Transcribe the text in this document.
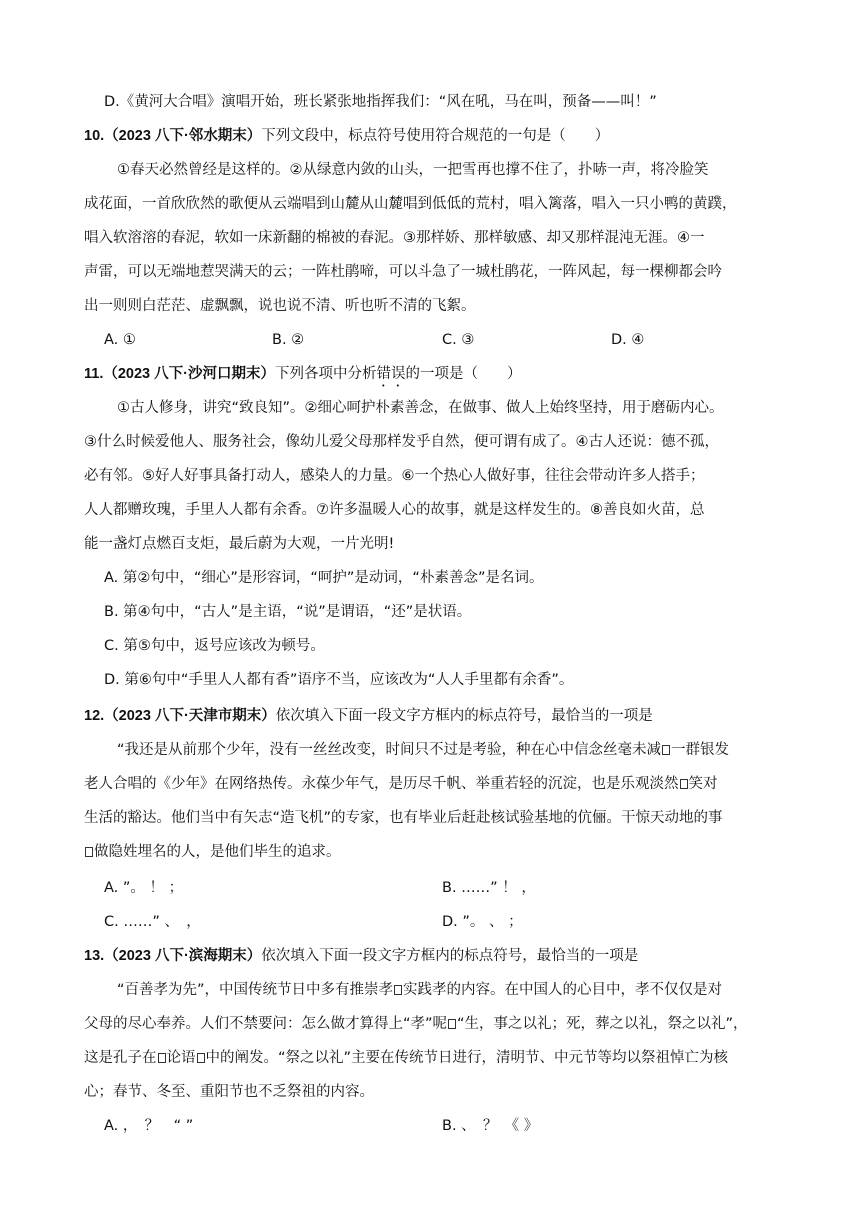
D.《黄河大合唱》演唱开始，班长紧张地指挥我们：“风在吼，马在叫，预备——叫！”
10.（2023 八下·邻水期末）下列文段中，标点符号使用符合规范的一句是（　　）
①春天必然曾经是这样的。②从绿意内敛的山头，一把雪再也撑不住了，扑哧一声，将冷脸笑
成花面，一首欣欣然的歌便从云端唱到山麓从山麓唱到低低的荒村，唱入篱落，唱入一只小鸭的黄蹼，
唱入软溶溶的春泥，软如一床新翻的棉被的春泥。③那样娇、那样敏感、却又那样混沌无涯。④一
声雷，可以无端地惹哭满天的云；一阵杜鹃啼，可以斗急了一城杜鹃花，一阵风起，每一棵柳都会吟
出一则则白茫茫、虚飘飘，说也说不清、听也听不清的飞絮。
A. ①	B. ②	C. ③	D. ④
11.（2023 八下·沙河口期末）下列各项中分析错误的一项是（　　）
①古人修身，讲究“致良知”。②细心呵护朴素善念，在做事、做人上始终坚持，用于磨砺内心。
③什么时候爱他人、服务社会，像幼儿爱父母那样发乎自然，便可谓有成了。④古人还说：德不孤，
必有邻。⑤好人好事具备打动人，感染人的力量。⑥一个热心人做好事，往往会带动许多人搭手；
人人都赠玫瑰，手里人人都有余香。⑦许多温暖人心的故事，就是这样发生的。⑧善良如火苗，总
能一盏灯点燃百支炬，最后蔚为大观，一片光明!
A. 第②句中，“细心”是形容词，“呵护”是动词，“朴素善念”是名词。
B. 第④句中，“古人”是主语，“说”是谓语，“还”是状语。
C. 第⑤句中，返号应该改为顿号。
D. 第⑥句中“手里人人都有香”语序不当，应该改为“人人手里都有余香”。
12.（2023 八下·天津市期末）依次填入下面一段文字方框内的标点符号，最恰当的一项是
“我还是从前那个少年，没有一丝丝改变，时间只不过是考验，种在心中信念丝毫未减 一群银发
老人合唱的《少年》在网络热传。永葆少年气，是历尽千帆、举重若轻的沉淀，也是乐观淡然 笑对
生活的豁达。他们当中有矢志“造飞机”的专家，也有毕业后赶赴核试验基地的伉俪。干惊天动地的事
做隐姓埋名的人，是他们毕生的追求。
A. ”。 ！ ；	B. ……” ！ ，
C. ……” 、　，	D. ”。 、 ；
13.（2023 八下·滨海期末）依次填入下面一段文字方框内的标点符号，最恰当的一项是
“百善孝为先”，中国传统节日中多有推崇孝 实践孝的内容。在中国人的心目中，孝不仅仅是对
父母的尽心奉养。人们不禁要问：怎么做才算得上“孝”呢 “生，事之以礼；死，葬之以礼，祭之以礼”，
这是孔子在 论语 中的阐发。“祭之以礼”主要在传统节日进行，清明节、中元节等均以祭祖悼亡为核
心；春节、冬至、重阳节也不乏祭祖的内容。
A. ，　？　“ ”	B. 、　？　《 》
